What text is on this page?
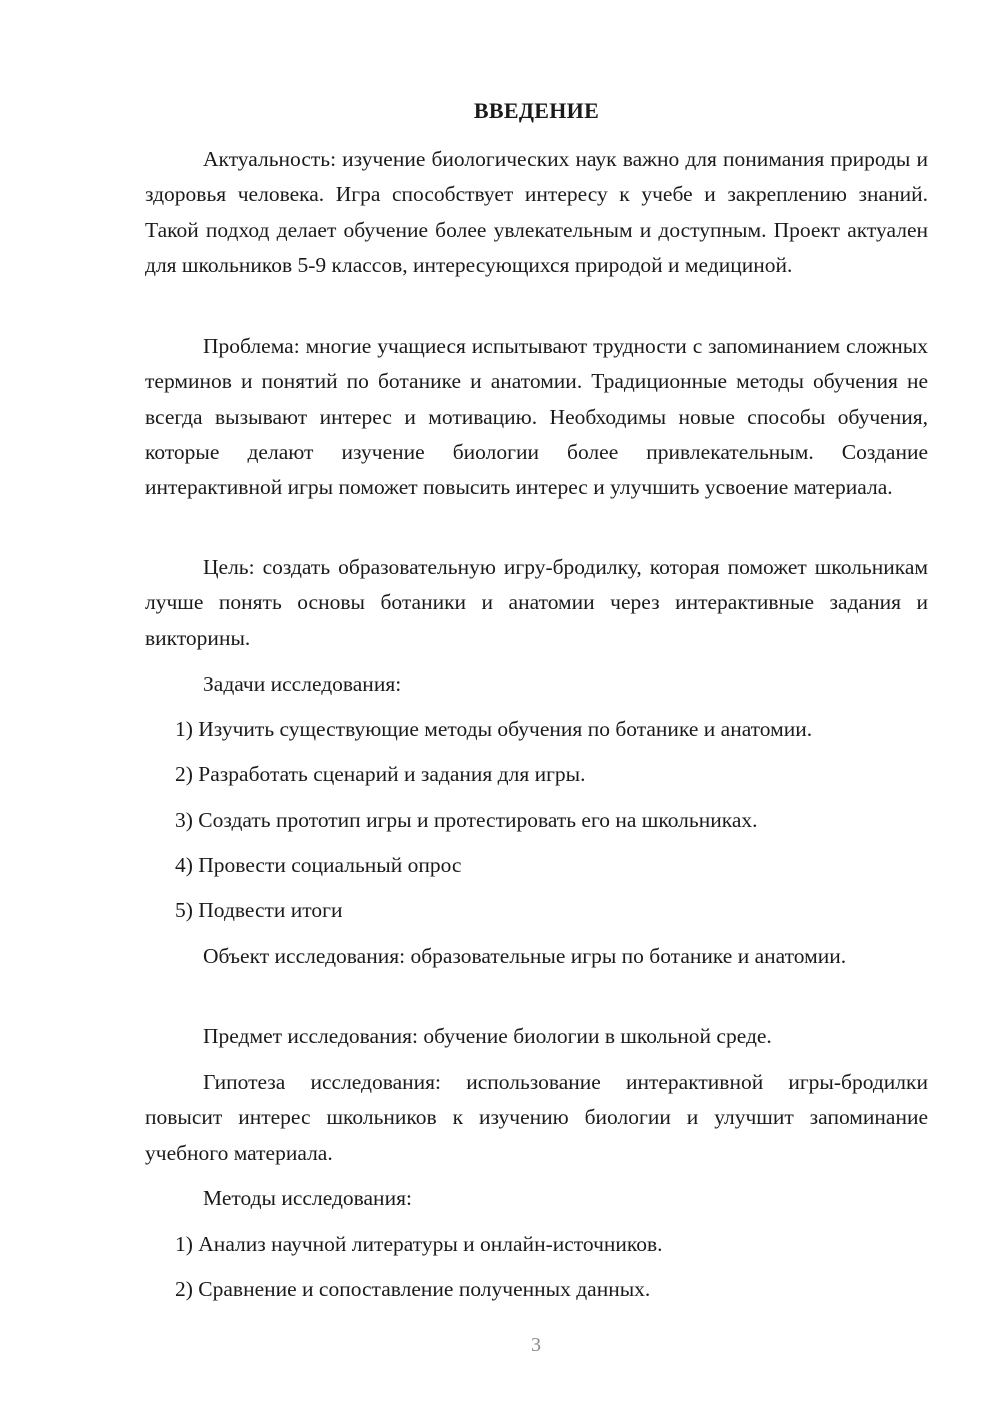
ВВЕДЕНИЕ

Актуальность: изучение биологических наук важно для понимания природы и здоровья человека. Игра способствует интересу к учебе и закреплению знаний. Такой подход делает обучение более увлекательным и доступным. Проект актуален для школьников 5-9 классов, интересующихся природой и медициной.

Проблема: многие учащиеся испытывают трудности с запоминанием сложных терминов и понятий по ботанике и анатомии. Традиционные методы обучения не всегда вызывают интерес и мотивацию. Необходимы новые способы обучения, которые делают изучение биологии более привлекательным. Создание интерактивной игры поможет повысить интерес и улучшить усвоение материала.

Цель: создать образовательную игру-бродилку, которая поможет школьникам лучше понять основы ботаники и анатомии через интерактивные задания и викторины.

Задачи исследования:

1) Изучить существующие методы обучения по ботанике и анатомии.

2) Разработать сценарий и задания для игры.

3) Создать прототип игры и протестировать его на школьниках.

4) Провести социальный опрос

5) Подвести итоги

Объект исследования: образовательные игры по ботанике и анатомии.

Предмет исследования: обучение биологии в школьной среде.

Гипотеза исследования: использование интерактивной игры-бродилки повысит интерес школьников к изучению биологии и улучшит запоминание учебного материала.

Методы исследования:

1) Анализ научной литературы и онлайн-источников.

2) Сравнение и сопоставление полученных данных.

3
